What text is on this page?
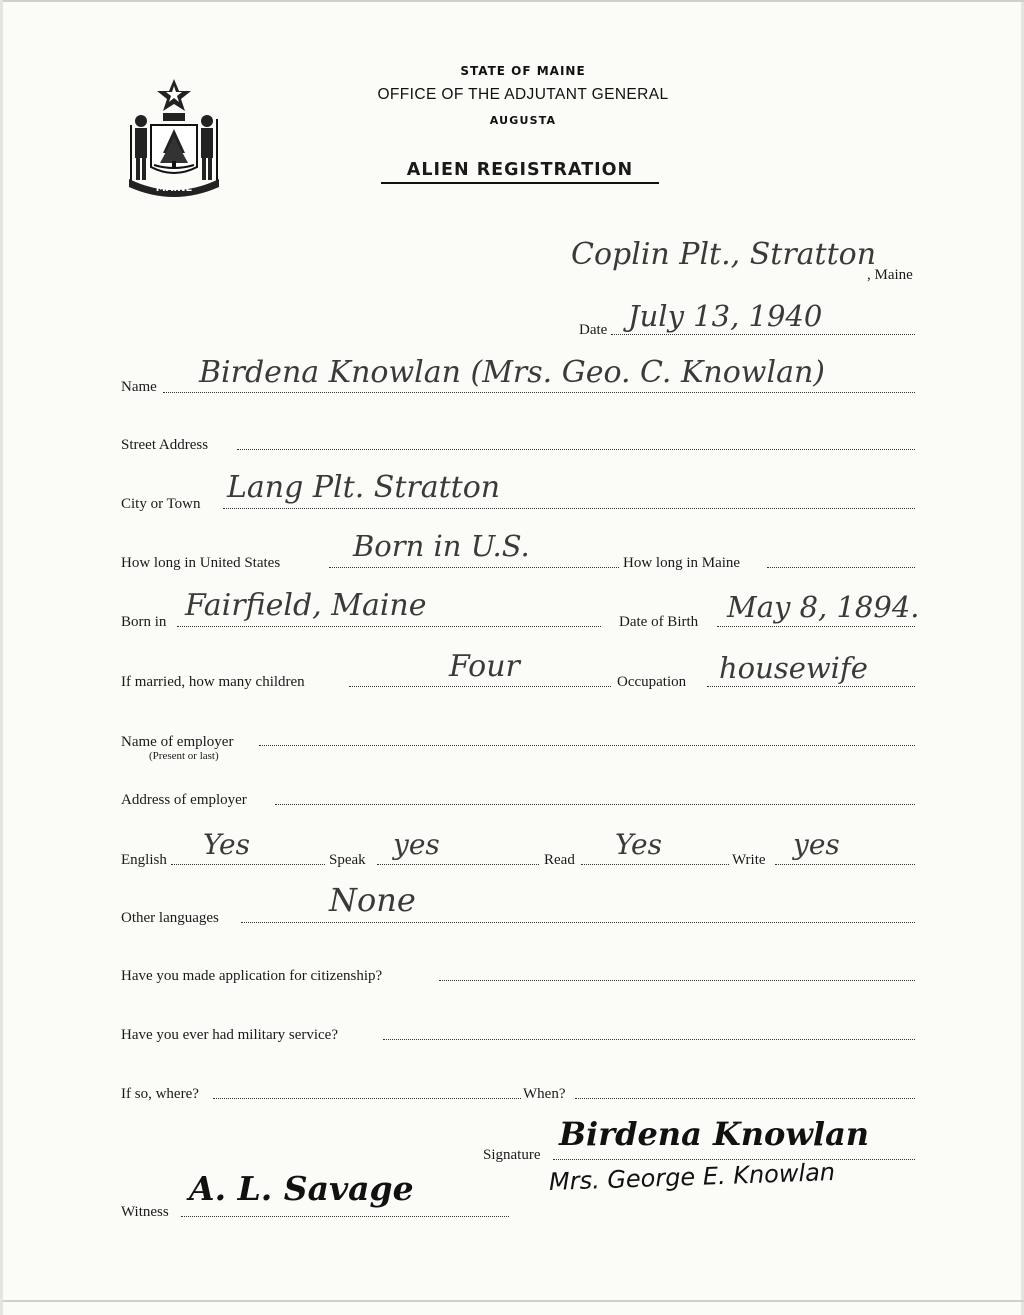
MAINE
STATE OF MAINE
OFFICE OF THE ADJUTANT GENERAL
AUGUSTA
ALIEN REGISTRATION
Coplin Plt., Stratton
, Maine
Date July 13, 1940
Name Birdena Knowlan (Mrs. Geo. C. Knowlan)
Street Address
City or Town Lang Plt. Stratton
How long in United States	Born in U.S.	How long in Maine
Born in Fairfield, Maine	Date of Birth May 8, 1894.
If married, how many children	Four	Occupation housewife
Name of employer
(Present or last)
Address of employer
English Yes	Speak yes	Read Yes	Write yes
Other languages	None
Have you made application for citizenship?
Have you ever had military service?
If so, where?	When?
Signature
Birdena Knowlan
Mrs. George E. Knowlan
Witness
A. L. Savage
